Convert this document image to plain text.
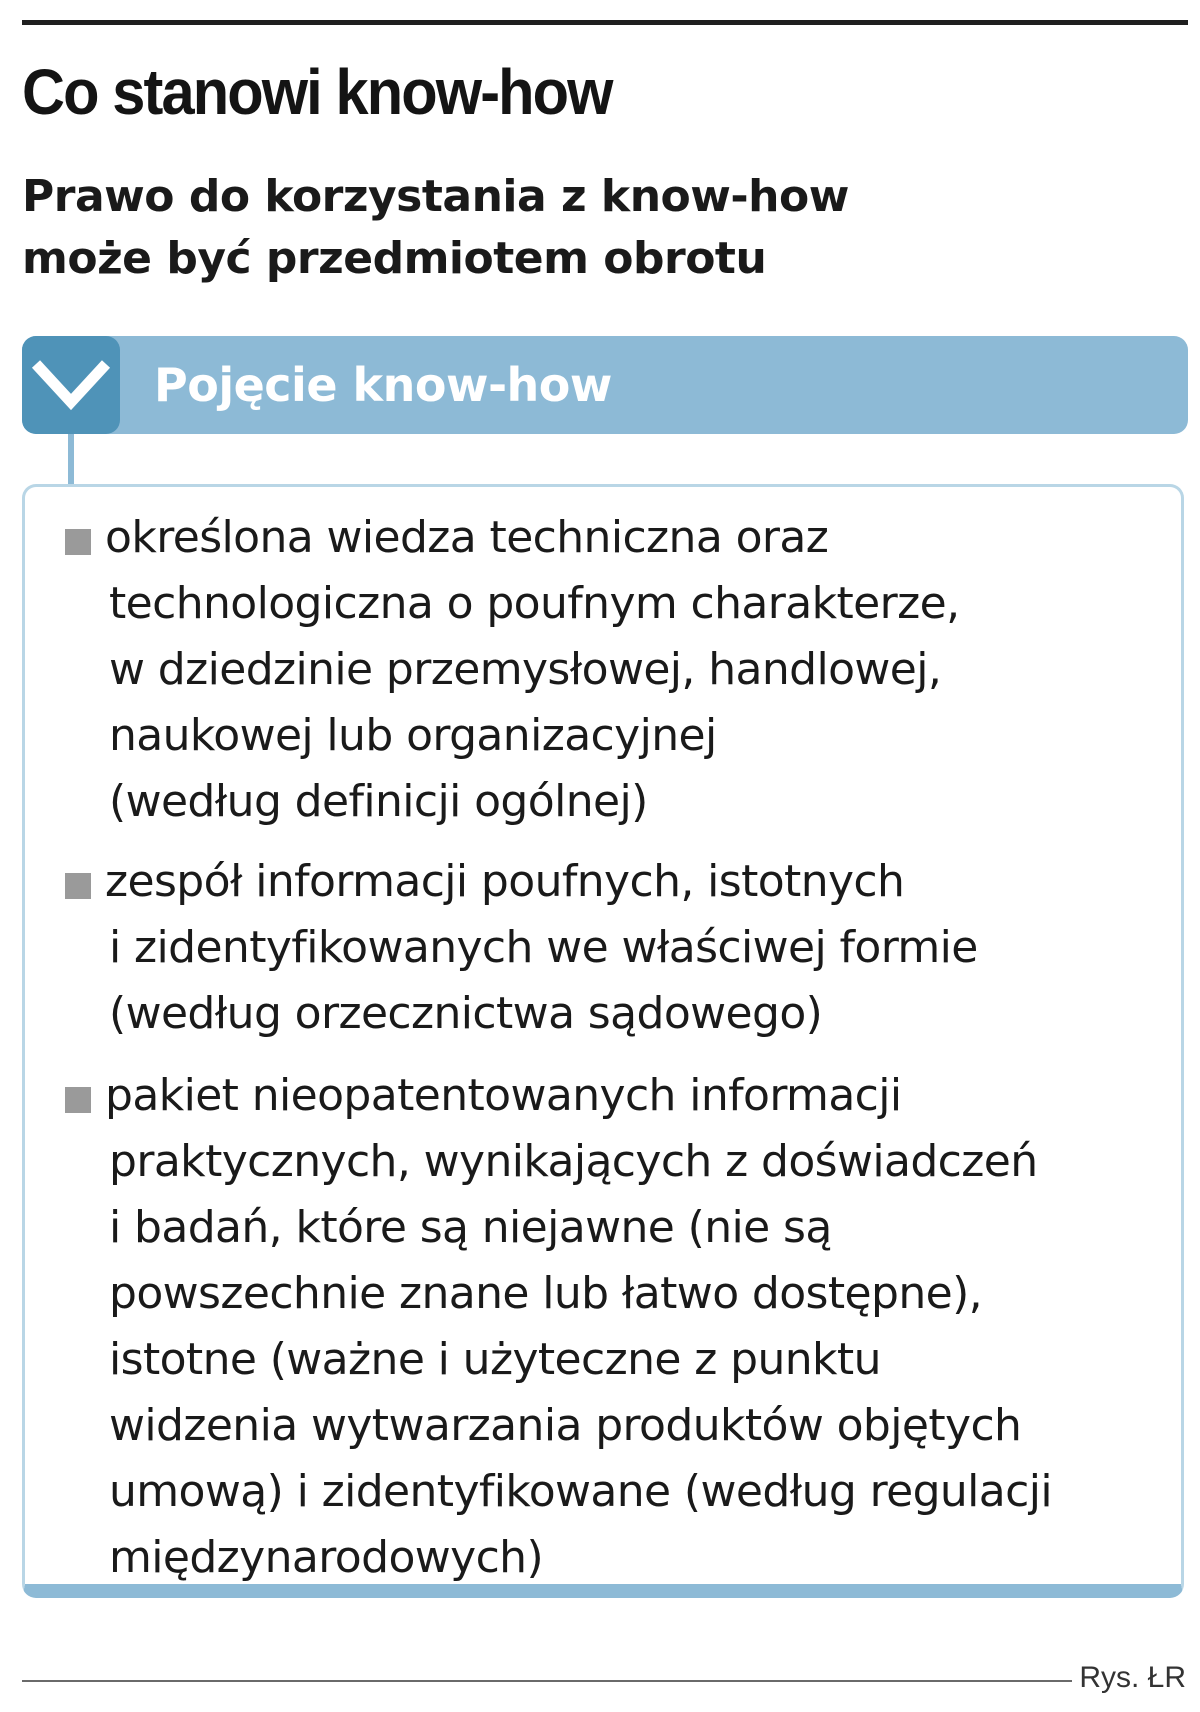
Co stanowi know-how
Prawo do korzystania z know-how
może być przedmiotem obrotu
Pojęcie know-how
określona wiedza techniczna oraz
technologiczna o poufnym charakterze,
w dziedzinie przemysłowej, handlowej,
naukowej lub organizacyjnej
(według definicji ogólnej)
zespół informacji poufnych, istotnych
i zidentyfikowanych we właściwej formie
(według orzecznictwa sądowego)
pakiet nieopatentowanych informacji
praktycznych, wynikających z doświadczeń
i badań, które są niejawne (nie są
powszechnie znane lub łatwo dostępne),
istotne (ważne i użyteczne z punktu
widzenia wytwarzania produktów objętych
umową) i zidentyfikowane (według regulacji
międzynarodowych)
Rys. ŁR
